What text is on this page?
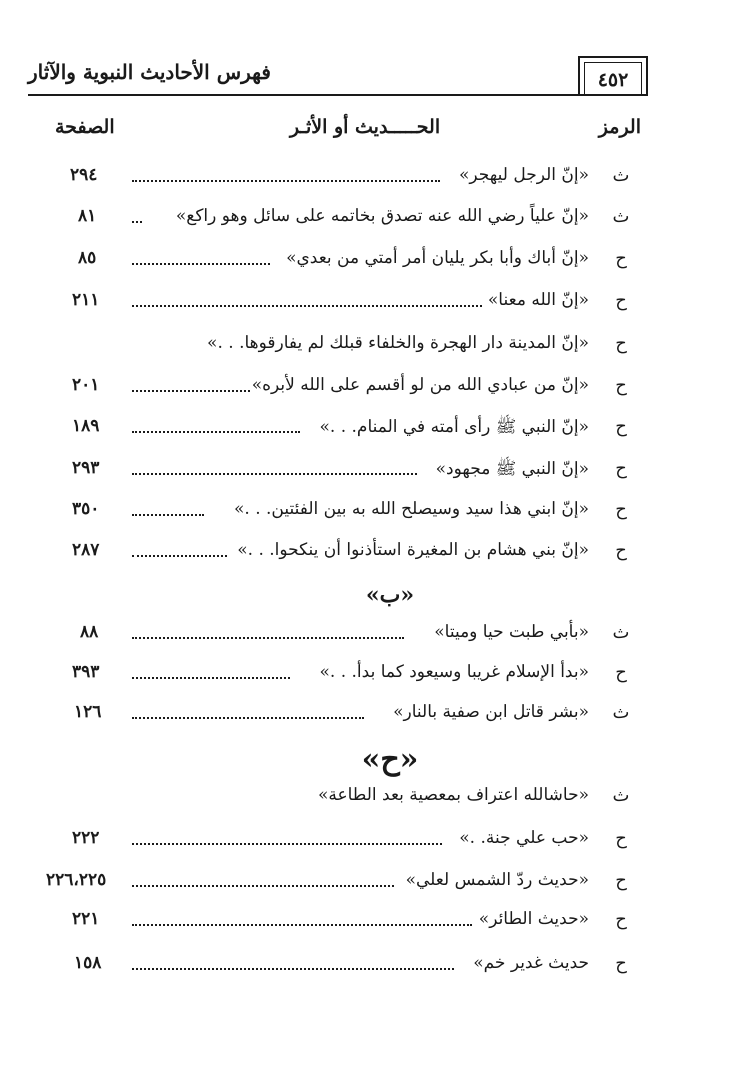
فهرس الأحاديث النبوية والآثار	٤٥٢
الرمز
الحـــــديث أو الأثـر
الصفحة
ث
«إنّ الرجل ليهجر»
٢٩٤
ث
«إنّ علياً رضي الله عنه تصدق بخاتمه على سائل وهو راكع»
٨١
ح
«إنّ أباك وأبا بكر يليان أمر أمتي من بعدي»
٨٥
ح
«إنّ الله معنا»
٢١١
ح
«إنّ المدينة دار الهجرة والخلفاء قبلك لم يفارقوها. . .»
ح
«إنّ من عبادي الله من لو أقسم على الله لأبره»
٢٠١
ح
«إنّ النبي ﷺ رأى أمته في المنام. . .»
١٨٩
ح
«إنّ النبي ﷺ مجهود»
٢٩٣
ح
«إنّ ابني هذا سيد وسيصلح الله به بين الفئتين. . .»
٣٥٠
ح
«إنّ بني هشام بن المغيرة استأذنوا أن ينكحوا. . .»
٢٨٧
«ب»
ث
«بأبي طبت حيا وميتا»
٨٨
ح
«بدأ الإسلام غريبا وسيعود كما بدأ. . .»
٣٩٣
ث
«بشر قاتل ابن صفية بالنار»
١٢٦
«ح»
ث
«حاشالله اعتراف بمعصية بعد الطاعة»
ح
«حب علي جنة. .»
٢٢٢
ح
«حديث ردّ الشمس لعلي»
٢٢٦،٢٢٥
ح
«حديث الطائر»
٢٢١
ح
حديث غدير خم»
١٥٨
